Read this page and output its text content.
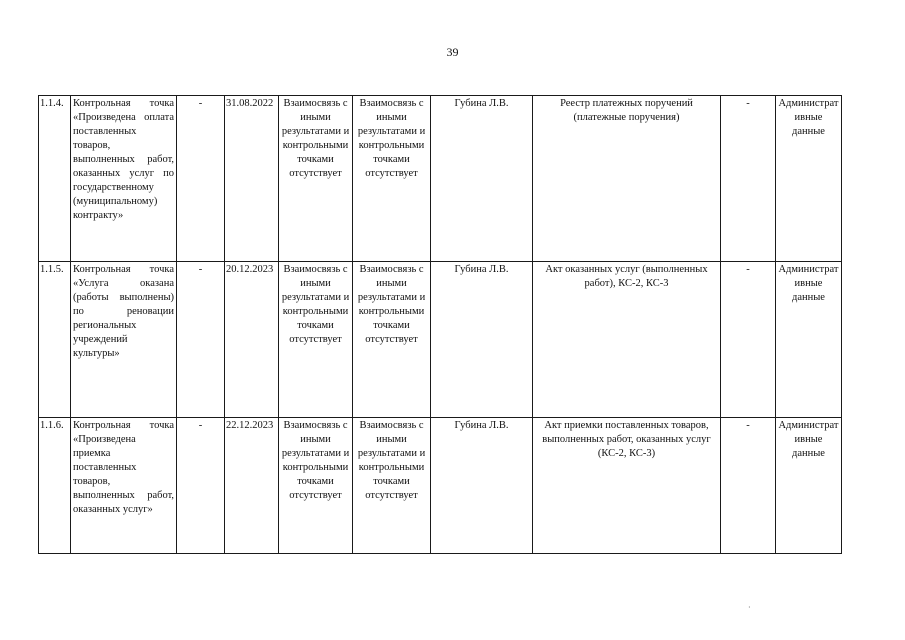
39
1.1.4.	Контрольная точка «Произведена оплата поставленных товаров, выполненных работ, оказанных услуг по государственному (муниципальному) контракту»	-	31.08.2022	Взаимосвязь с иными результатами и контрольными точками отсутствует	Взаимосвязь с иными результатами и контрольными точками отсутствует	Губина Л.В.	Реестр платежных поручений (платежные поручения)	-	Административные данные
1.1.5.	Контрольная точка «Услуга оказана (работы выполнены) по реновации региональных учреждений культуры»	-	20.12.2023	Взаимосвязь с иными результатами и контрольными точками отсутствует	Взаимосвязь с иными результатами и контрольными точками отсутствует	Губина Л.В.	Акт оказанных услуг (выполненных работ), КС-2, КС-3	-	Административные данные
1.1.6.	Контрольная точка «Произведена приемка поставленных товаров, выполненных работ, оказанных услуг»	-	22.12.2023	Взаимосвязь с иными результатами и контрольными точками отсутствует	Взаимосвязь с иными результатами и контрольными точками отсутствует	Губина Л.В.	Акт приемки поставленных товаров, выполненных работ, оказанных услуг (КС-2, КС-3)	-	Административные данные
·
